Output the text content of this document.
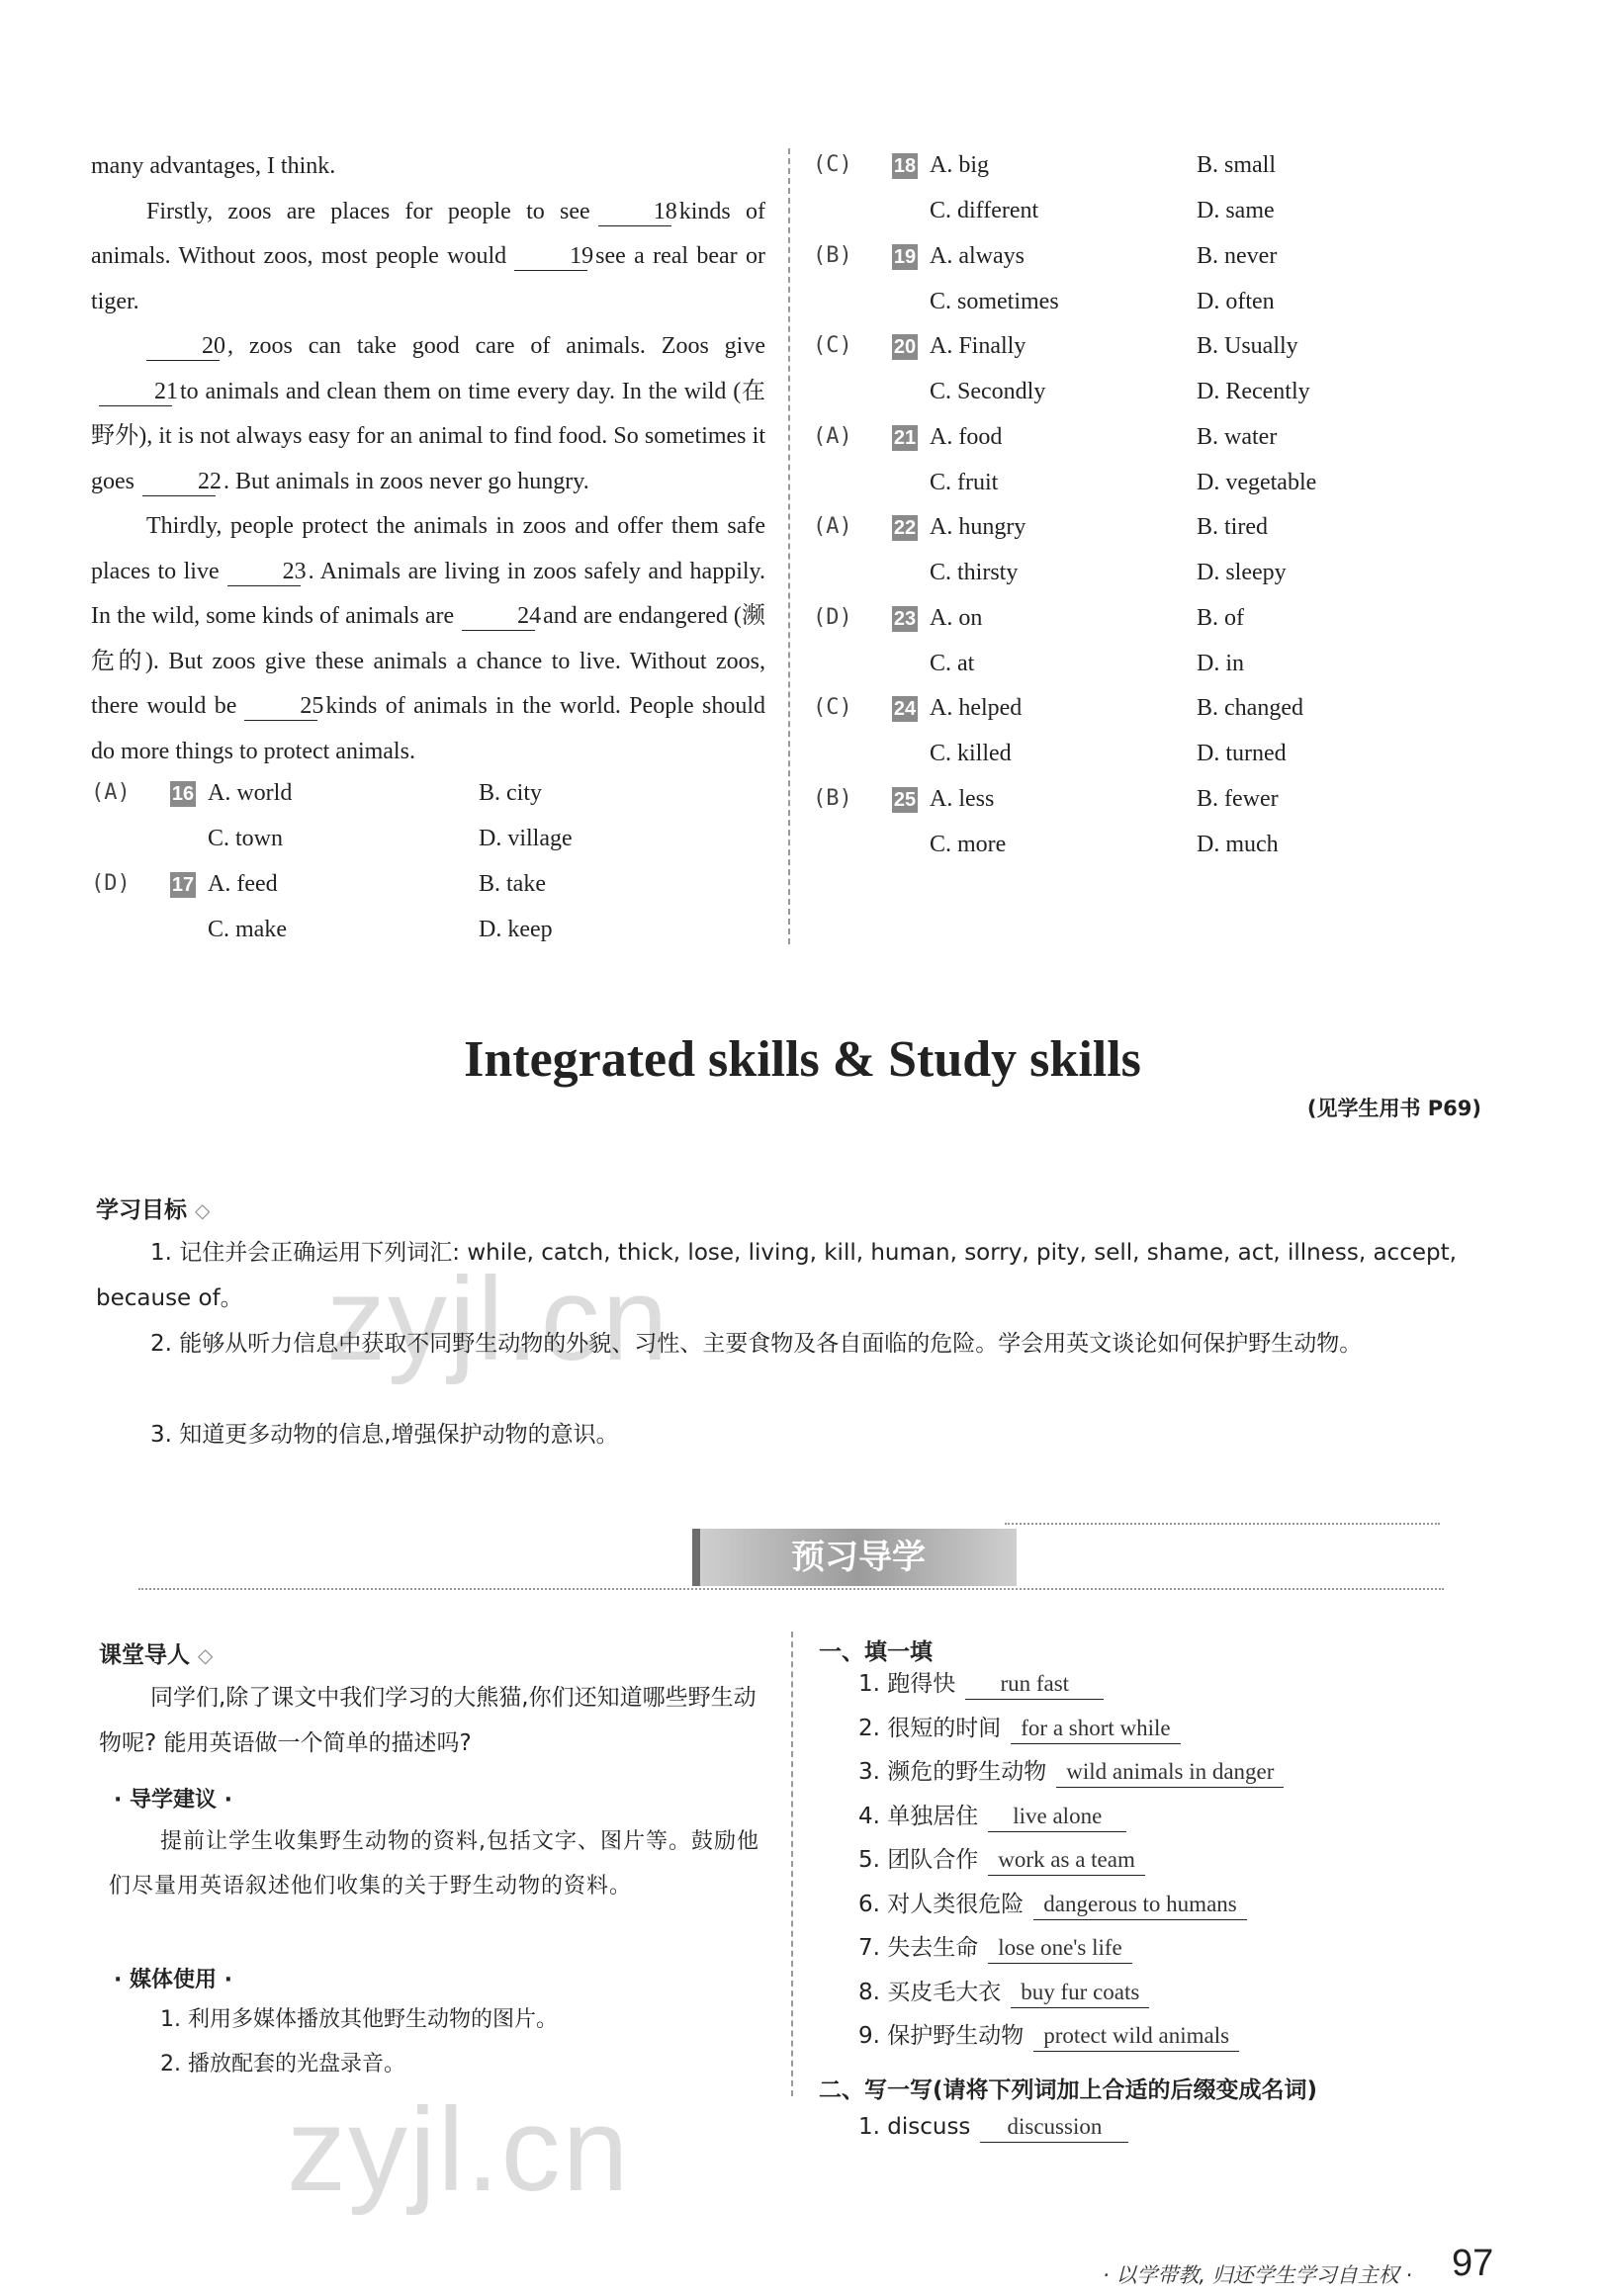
many advantages, I think.

Firstly, zoos are places for people to see	18kinds of animals. Without zoos, most people would	19see a real bear or tiger.

20, zoos can take good care of animals. Zoos give 21to animals and clean them on time every day. In the wild (在野外), it is not always easy for an animal to find food. So sometimes it goes	22. But animals in zoos never go hungry.

Thirdly, people protect the animals in zoos and offer them safe places to live	23. Animals are living in zoos safely and happily. In the wild, some kinds of animals are	24and are endangered (濒危的). But zoos give these animals a chance to live. Without zoos, there would be	25kinds of animals in the world. People should do more things to protect animals.

(A) 16 A. world	B. city
C. town	D. village
(D) 17 A. feed	B. take
C. make	D. keep
(C) 18 A. big	B. small
C. different	D. same
(B) 19 A. always	B. never
C. sometimes	D. often
(C) 20 A. Finally	B. Usually
C. Secondly	D. Recently
(A) 21 A. food	B. water
C. fruit	D. vegetable
(A) 22 A. hungry	B. tired
C. thirsty	D. sleepy
(D) 23 A. on	B. of
C. at	D. in
(C) 24 A. helped	B. changed
C. killed	D. turned
(B) 25 A. less	B. fewer
C. more	D. much
Integrated skills & Study skills
(见学生用书 P69)
学习目标 ◇
1. 记住并会正确运用下列词汇: while, catch, thick, lose, living, kill, human, sorry, pity, sell, shame, act, illness, accept, because of。
2. 能够从听力信息中获取不同野生动物的外貌、习性、主要食物及各自面临的危险。学会用英文谈论如何保护野生动物。
3. 知道更多动物的信息,增强保护动物的意识。
预习导学
课堂导人 ◇
同学们,除了课文中我们学习的大熊猫,你们还知道哪些野生动物呢? 能用英语做一个简单的描述吗?
· 导学建议 ·
提前让学生收集野生动物的资料,包括文字、图片等。鼓励他们尽量用英语叙述他们收集的关于野生动物的资料。
· 媒体使用 ·
1. 利用多媒体播放其他野生动物的图片。
2. 播放配套的光盘录音。
一、填一填
1. 跑得快 run fast
2. 很短的时间 for a short while
3. 濒危的野生动物 wild animals in danger
4. 单独居住 live alone
5. 团队合作 work as a team
6. 对人类很危险 dangerous to humans
7. 失去生命 lose one's life
8. 买皮毛大衣 buy fur coats
9. 保护野生动物 protect wild animals
二、写一写(请将下列词加上合适的后缀变成名词)
1. discuss discussion
· 以学带教, 归还学生学习自主权 · 97
zyjl.cn
zyjl.cn
